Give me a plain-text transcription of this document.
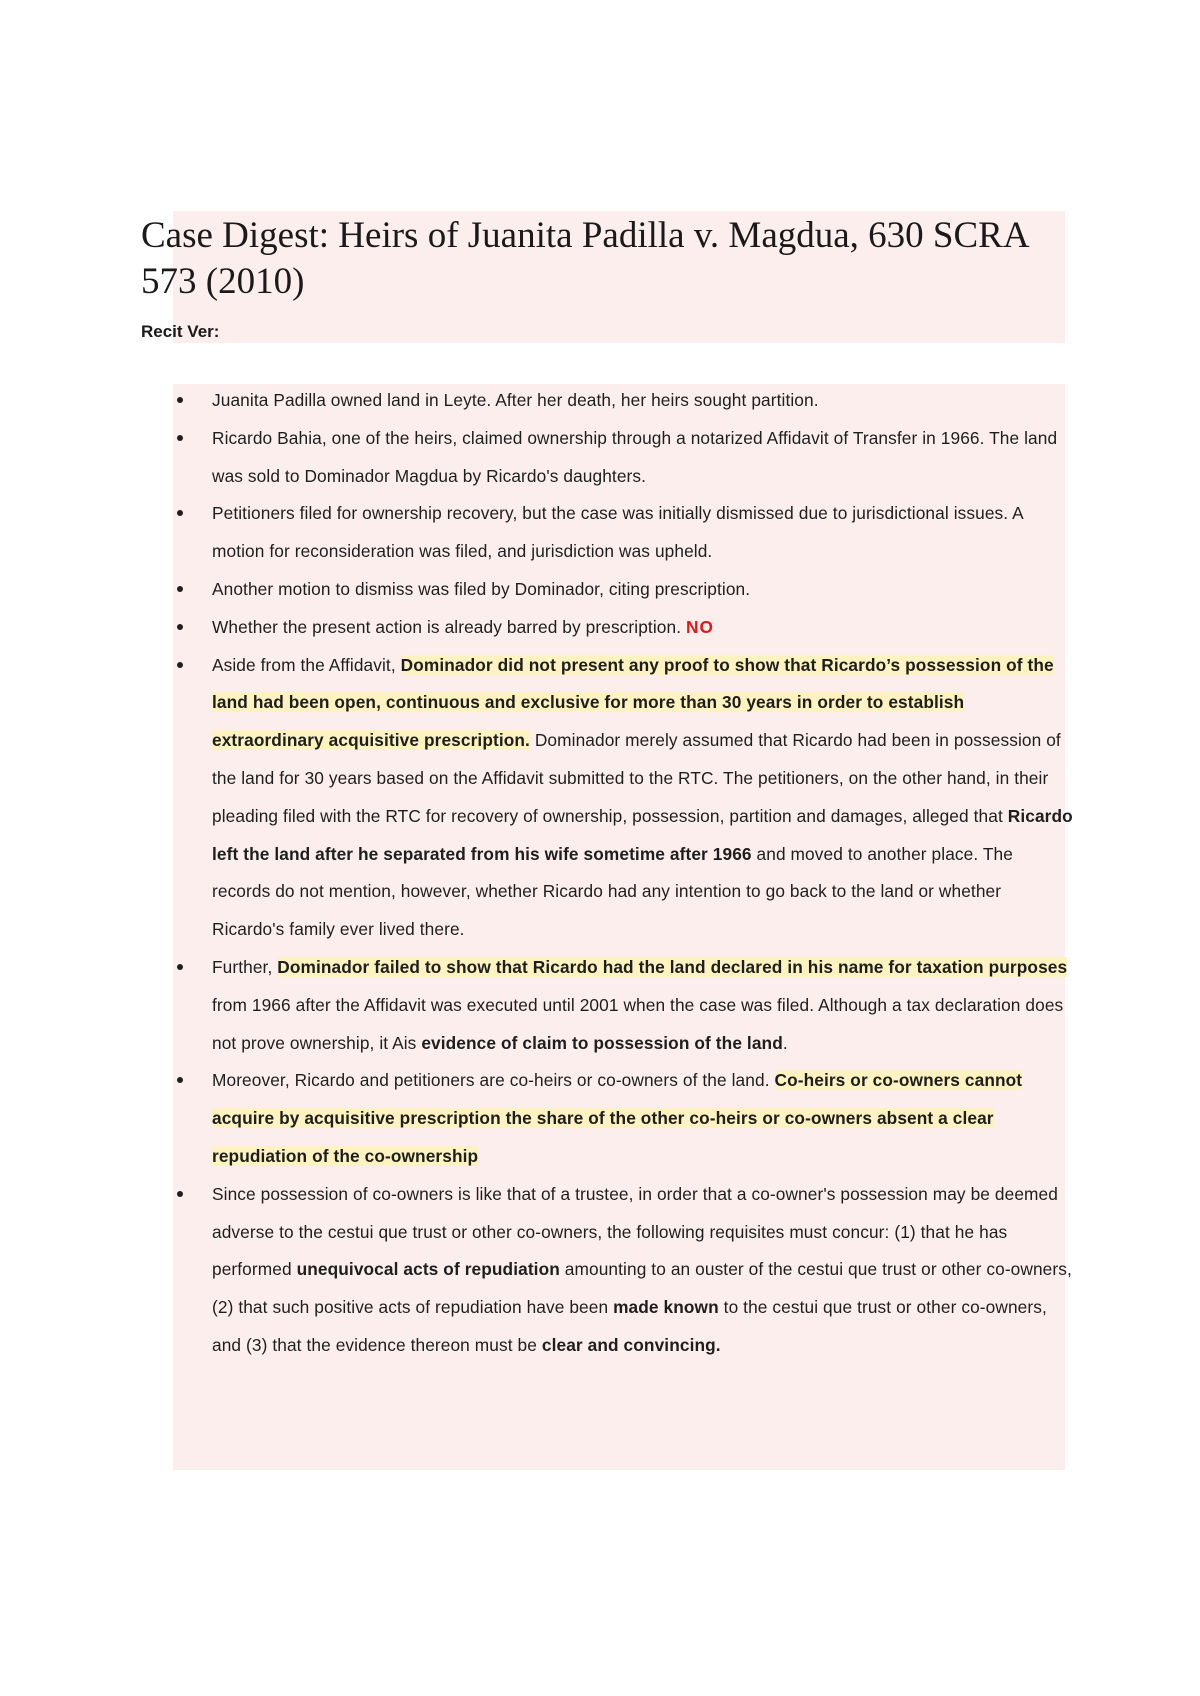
Case Digest: Heirs of Juanita Padilla v. Magdua, 630 SCRA 573 (2010)

Recit Ver:

Juanita Padilla owned land in Leyte. After her death, her heirs sought partition.
Ricardo Bahia, one of the heirs, claimed ownership through a notarized Affidavit of Transfer in 1966. The land was sold to Dominador Magdua by Ricardo's daughters.
Petitioners filed for ownership recovery, but the case was initially dismissed due to jurisdictional issues. A motion for reconsideration was filed, and jurisdiction was upheld.
Another motion to dismiss was filed by Dominador, citing prescription.
Whether the present action is already barred by prescription. NO
Aside from the Affidavit, Dominador did not present any proof to show that Ricardo’s possession of the land had been open, continuous and exclusive for more than 30 years in order to establish extraordinary acquisitive prescription. Dominador merely assumed that Ricardo had been in possession of the land for 30 years based on the Affidavit submitted to the RTC. The petitioners, on the other hand, in their pleading filed with the RTC for recovery of ownership, possession, partition and damages, alleged that Ricardo left the land after he separated from his wife sometime after 1966 and moved to another place. The records do not mention, however, whether Ricardo had any intention to go back to the land or whether Ricardo's family ever lived there.
Further, Dominador failed to show that Ricardo had the land declared in his name for taxation purposes from 1966 after the Affidavit was executed until 2001 when the case was filed. Although a tax declaration does not prove ownership, it Ais evidence of claim to possession of the land.
Moreover, Ricardo and petitioners are co-heirs or co-owners of the land. Co-heirs or co-owners cannot acquire by acquisitive prescription the share of the other co-heirs or co-owners absent a clear repudiation of the co-ownership
Since possession of co-owners is like that of a trustee, in order that a co-owner's possession may be deemed adverse to the cestui que trust or other co-owners, the following requisites must concur: (1) that he has performed unequivocal acts of repudiation amounting to an ouster of the cestui que trust or other co-owners, (2) that such positive acts of repudiation have been made known to the cestui que trust or other co-owners, and (3) that the evidence thereon must be clear and convincing.
